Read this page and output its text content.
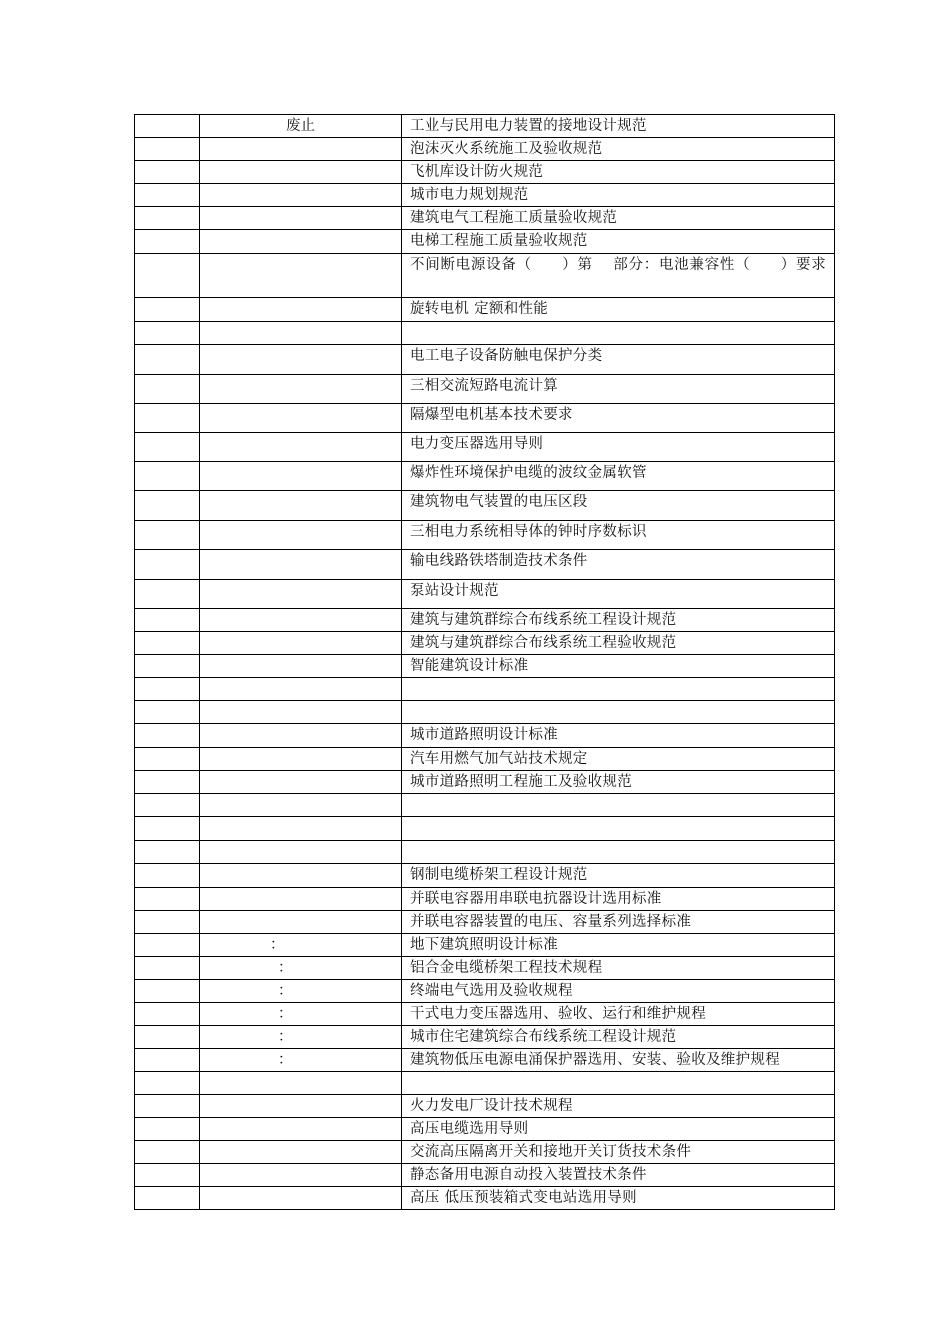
	废止	工业与民用电力装置的接地设计规范
		泡沫灭火系统施工及验收规范
		飞机库设计防火规范
		城市电力规划规范
		建筑电气工程施工质量验收规范
		电梯工程施工质量验收规范
		不间断电源设备（　　）第　 部分：电池兼容性（　　）要求
		旋转电机 定额和性能

		电工电子设备防触电保护分类
		三相交流短路电流计算
		隔爆型电机基本技术要求
		电力变压器选用导则
		爆炸性环境保护电缆的波纹金属软管
		建筑物电气装置的电压区段
		三相电力系统相导体的钟时序数标识
		输电线路铁塔制造技术条件
		泵站设计规范
		建筑与建筑群综合布线系统工程设计规范
		建筑与建筑群综合布线系统工程验收规范
		智能建筑设计标准

		城市道路照明设计标准
		汽车用燃气加气站技术规定
		城市道路照明工程施工及验收规范

		钢制电缆桥架工程设计规范
		并联电容器用串联电抗器设计选用标准
		并联电容器装置的电压、容量系列选择标准
	：	地下建筑照明设计标准
	：	铝合金电缆桥架工程技术规程
	：	终端电气选用及验收规程
	：	干式电力变压器选用、验收、运行和维护规程
	：	城市住宅建筑综合布线系统工程设计规范
	：	建筑物低压电源电涌保护器选用、安装、验收及维护规程

		火力发电厂设计技术规程
		高压电缆选用导则
		交流高压隔离开关和接地开关订货技术条件
		静态备用电源自动投入装置技术条件
		高压 低压预装箱式变电站选用导则
